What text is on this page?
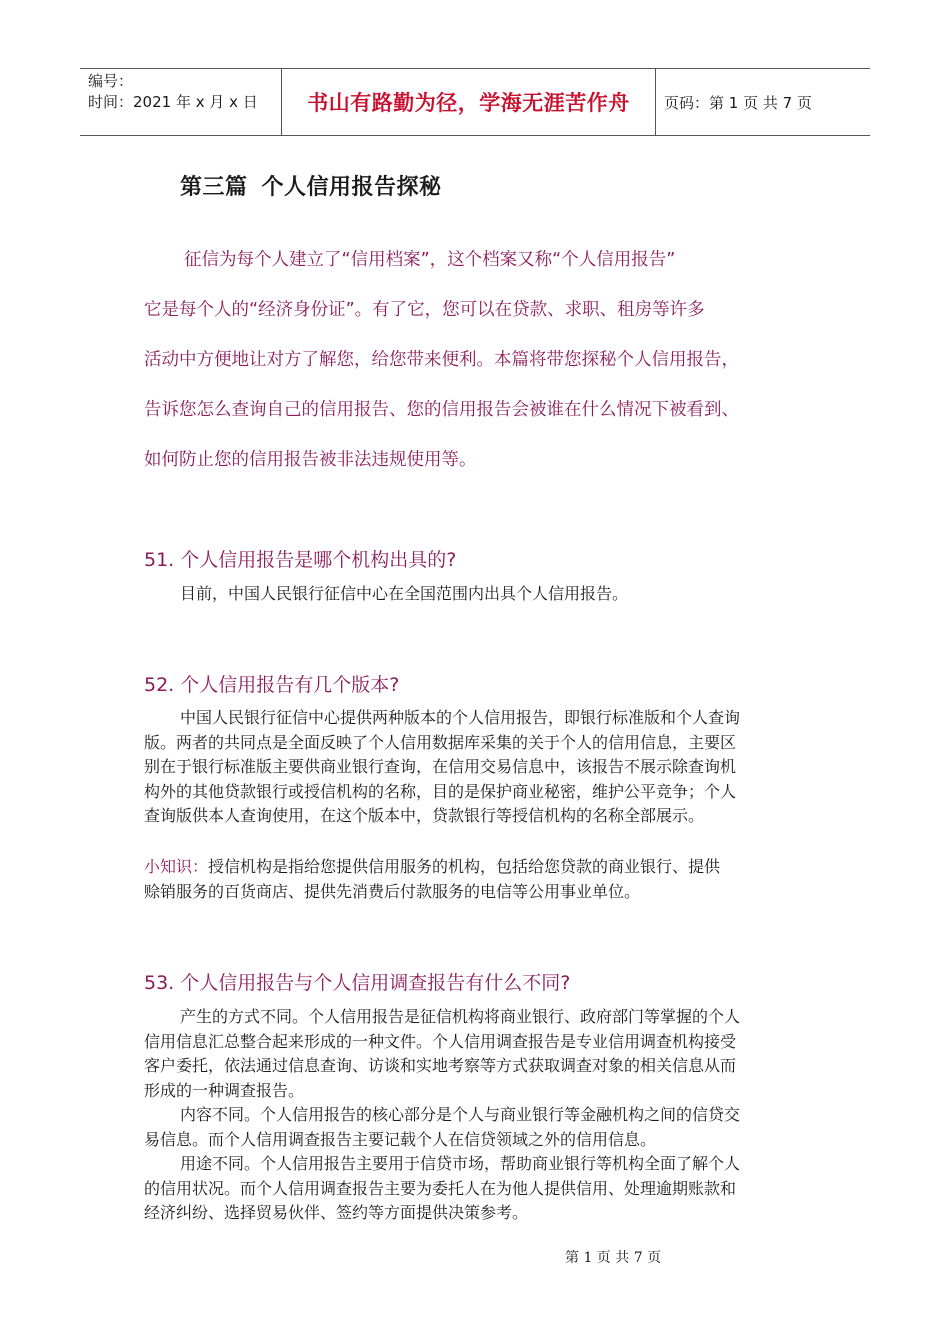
编号：
时间：2021 年 x 月 x 日	书山有路勤为径，学海无涯苦作舟 页码：第 1 页 共 7 页
第三篇 个人信用报告探秘
征信为每个人建立了“信用档案”，这个档案又称“个人信用报告”
它是每个人的“经济身份证”。有了它，您可以在贷款、求职、租房等许多
活动中方便地让对方了解您，给您带来便利。本篇将带您探秘个人信用报告，
告诉您怎么查询自己的信用报告、您的信用报告会被谁在什么情况下被看到、
如何防止您的信用报告被非法违规使用等。
51. 个人信用报告是哪个机构出具的?
目前，中国人民银行征信中心在全国范围内出具个人信用报告。
52. 个人信用报告有几个版本?
中国人民银行征信中心提供两种版本的个人信用报告，即银行标准版和个人查询
版。两者的共同点是全面反映了个人信用数据库采集的关于个人的信用信息，主要区
别在于银行标准版主要供商业银行查询，在信用交易信息中，该报告不展示除查询机
构外的其他贷款银行或授信机构的名称，目的是保护商业秘密，维护公平竞争；个人
查询版供本人查询使用，在这个版本中，贷款银行等授信机构的名称全部展示。
小知识：授信机构是指给您提供信用服务的机构，包括给您贷款的商业银行、提供
赊销服务的百货商店、提供先消费后付款服务的电信等公用事业单位。
53. 个人信用报告与个人信用调查报告有什么不同?
产生的方式不同。个人信用报告是征信机构将商业银行、政府部门等掌握的个人
信用信息汇总整合起来形成的一种文件。个人信用调查报告是专业信用调查机构接受
客户委托，依法通过信息查询、访谈和实地考察等方式获取调查对象的相关信息从而
形成的一种调查报告。
内容不同。个人信用报告的核心部分是个人与商业银行等金融机构之间的信贷交
易信息。而个人信用调查报告主要记载个人在信贷领域之外的信用信息。
用途不同。个人信用报告主要用于信贷市场，帮助商业银行等机构全面了解个人
的信用状况。而个人信用调查报告主要为委托人在为他人提供信用、处理逾期账款和
经济纠纷、选择贸易伙伴、签约等方面提供决策参考。
第 1 页 共 7 页
